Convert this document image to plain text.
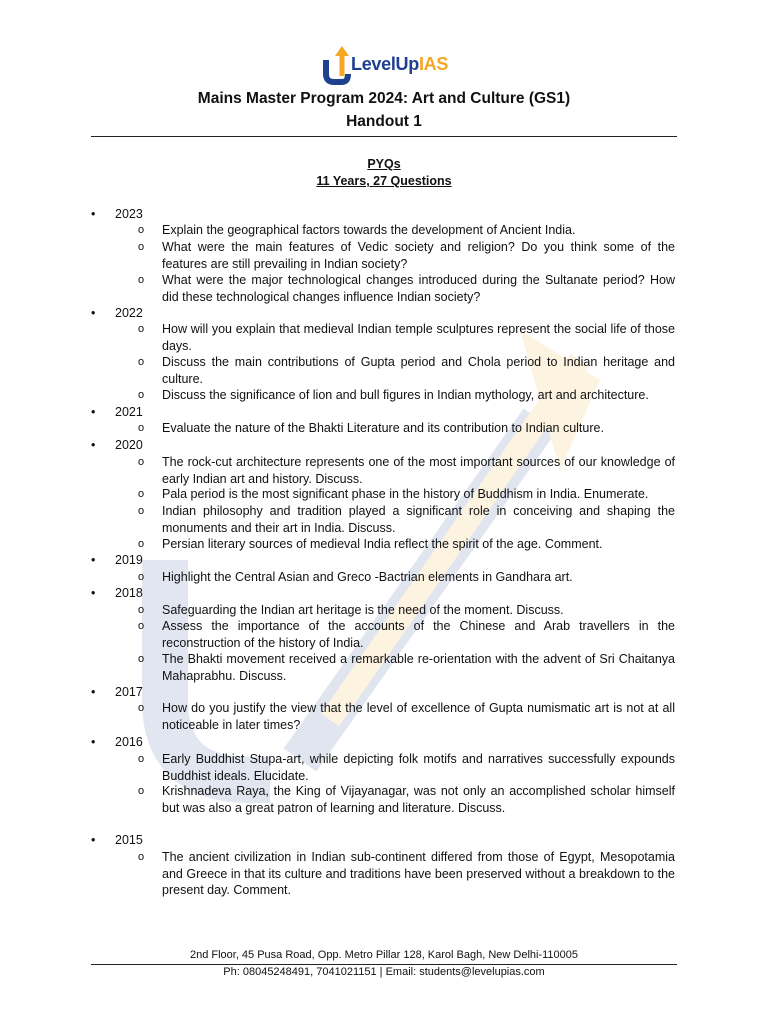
LevelUpIAS
Mains Master Program 2024: Art and Culture (GS1)
Handout 1
PYQs
11 Years, 27 Questions
• 2023
o Explain the geographical factors towards the development of Ancient India.
o What were the main features of Vedic society and religion? Do you think some of the features are still prevailing in Indian society?
o What were the major technological changes introduced during the Sultanate period? How did these technological changes influence Indian society?
• 2022
o How will you explain that medieval Indian temple sculptures represent the social life of those days.
o Discuss the main contributions of Gupta period and Chola period to Indian heritage and culture.
o Discuss the significance of lion and bull figures in Indian mythology, art and architecture.
• 2021
o Evaluate the nature of the Bhakti Literature and its contribution to Indian culture.
• 2020
o The rock-cut architecture represents one of the most important sources of our knowledge of early Indian art and history. Discuss.
o Pala period is the most significant phase in the history of Buddhism in India. Enumerate.
o Indian philosophy and tradition played a significant role in conceiving and shaping the monuments and their art in India. Discuss.
o Persian literary sources of medieval India reflect the spirit of the age. Comment.
• 2019
o Highlight the Central Asian and Greco -Bactrian elements in Gandhara art.
• 2018
o Safeguarding the Indian art heritage is the need of the moment. Discuss.
o Assess the importance of the accounts of the Chinese and Arab travellers in the reconstruction of the history of India.
o The Bhakti movement received a remarkable re-orientation with the advent of Sri Chaitanya Mahaprabhu. Discuss.
• 2017
o How do you justify the view that the level of excellence of Gupta numismatic art is not at all noticeable in later times?
• 2016
o Early Buddhist Stupa-art, while depicting folk motifs and narratives successfully expounds Buddhist ideals. Elucidate.
o Krishnadeva Raya, the King of Vijayanagar, was not only an accomplished scholar himself but was also a great patron of learning and literature. Discuss.
• 2015
o The ancient civilization in Indian sub-continent differed from those of Egypt, Mesopotamia and Greece in that its culture and traditions have been preserved without a breakdown to the present day. Comment.
2nd Floor, 45 Pusa Road, Opp. Metro Pillar 128, Karol Bagh, New Delhi-110005
Ph: 08045248491, 7041021151 | Email: students@levelupias.com
